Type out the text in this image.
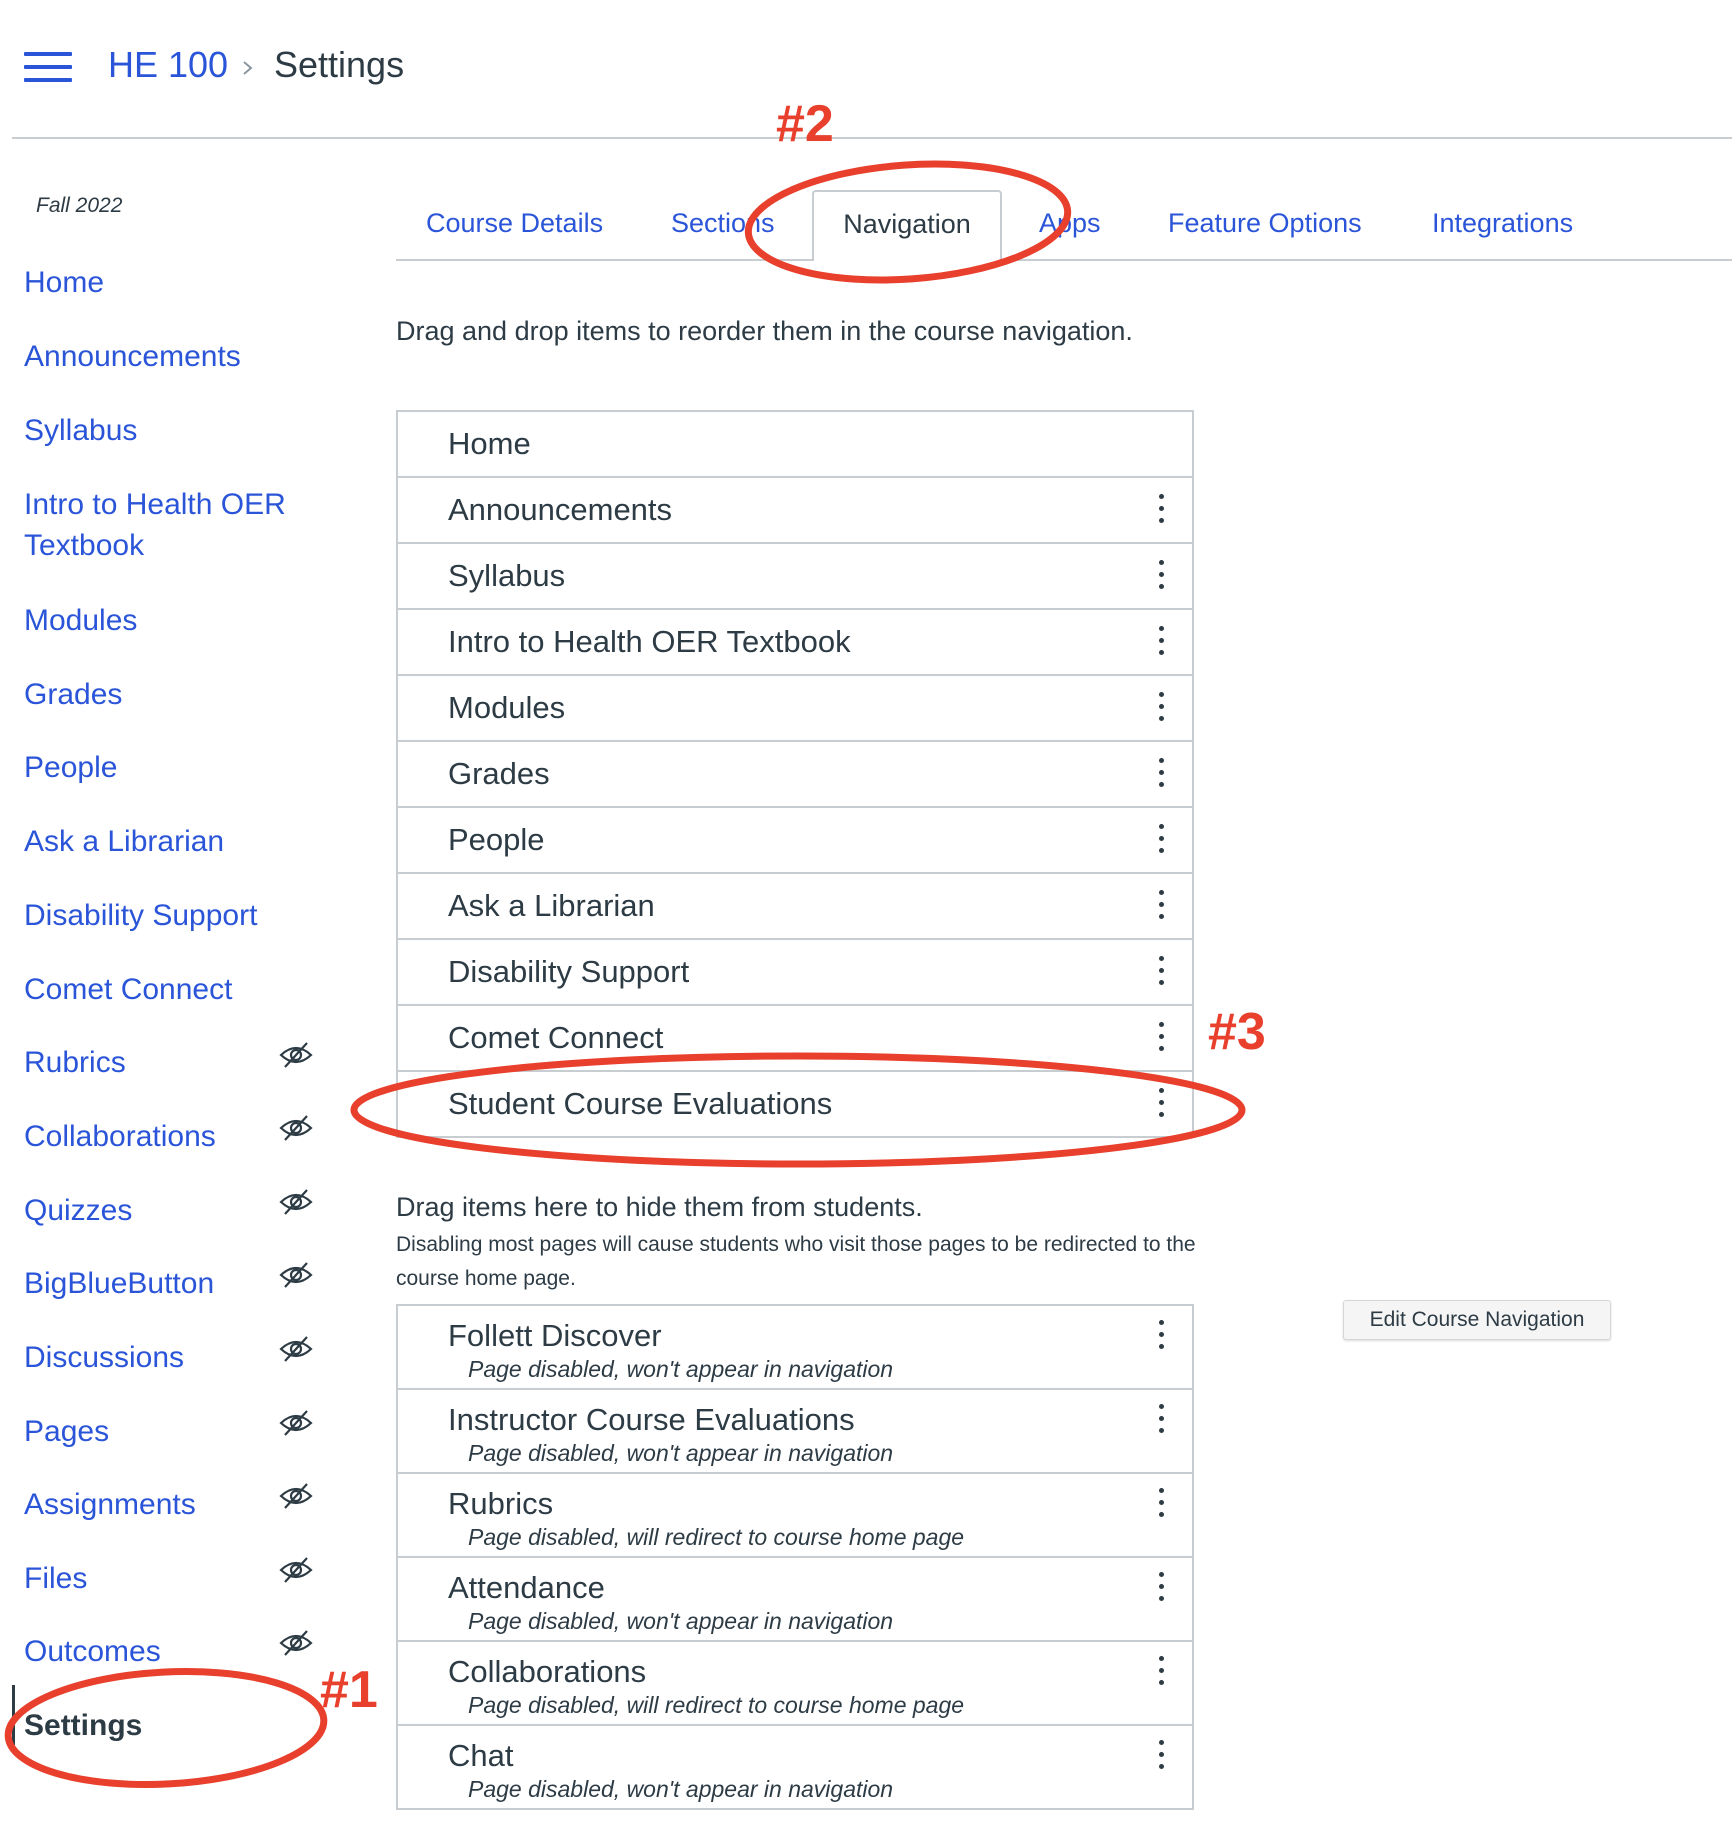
HE 100 Settings
Fall 2022
Home
Announcements
Syllabus
Intro to Health OER Textbook
Modules
Grades
People
Ask a Librarian
Disability Support
Comet Connect
Rubrics
Collaborations
Quizzes
BigBlueButton
Discussions
Pages
Assignments
Files
Outcomes
Settings
Course Details	Sections	Navigation	Apps Feature Options	Integrations
Drag and drop items to reorder them in the course navigation.
Home
Announcements
Syllabus
Intro to Health OER Textbook
Modules
Grades
People
Ask a Librarian
Disability Support
Comet Connect
Student Course Evaluations
Drag items here to hide them from students.
Disabling most pages will cause students who visit those pages to be redirected to the course home page.
Follett Discover
Page disabled, won't appear in navigation
Instructor Course Evaluations
Page disabled, won't appear in navigation
Rubrics
Page disabled, will redirect to course home page
Attendance
Page disabled, won't appear in navigation
Collaborations
Page disabled, will redirect to course home page
Chat
Page disabled, won't appear in navigation
Edit Course Navigation
#2
#3
#1
